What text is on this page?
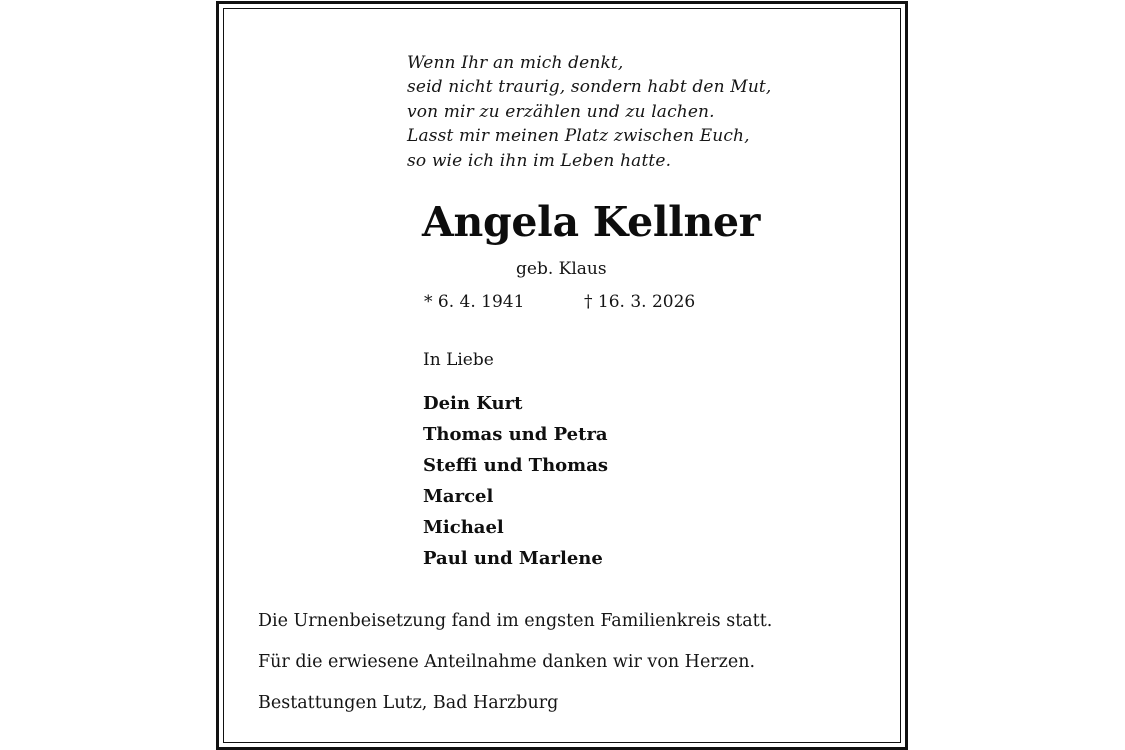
Wenn Ihr an mich denkt,
seid nicht traurig, sondern habt den Mut,
von mir zu erzählen und zu lachen.
Lasst mir meinen Platz zwischen Euch,
so wie ich ihn im Leben hatte.

Angela Kellner
geb. Klaus
* 6. 4. 1941	† 16. 3. 2026
In Liebe
Dein Kurt
Thomas und Petra
Steffi und Thomas
Marcel
Michael
Paul und Marlene
Die Urnenbeisetzung fand im engsten Familienkreis statt.
Für die erwiesene Anteilnahme danken wir von Herzen.
Bestattungen Lutz, Bad Harzburg
